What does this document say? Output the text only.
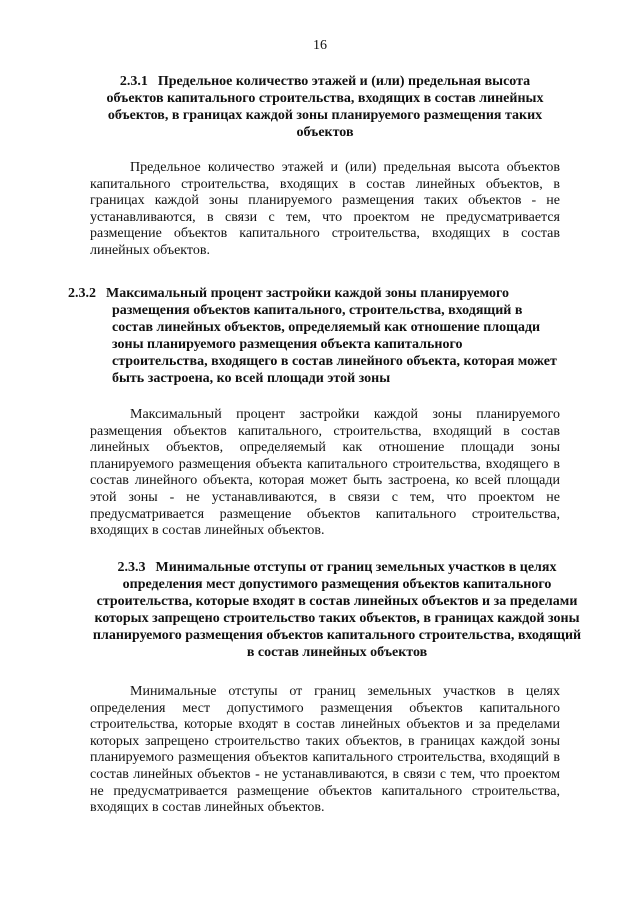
16
2.3.1 Предельное количество этажей и (или) предельная высота объектов капитального строительства, входящих в состав линейных объектов, в границах каждой зоны планируемого размещения таких объектов

Предельное количество этажей и (или) предельная высота объектов капитального строительства, входящих в состав линейных объектов, в границах каждой зоны планируемого размещения таких объектов - не устанавливаются, в связи с тем, что проектом не предусматривается размещение объектов капитального строительства, входящих в состав линейных объектов.

2.3.2 Максимальный процент застройки каждой зоны планируемого размещения объектов капитального, строительства, входящий в состав линейных объектов, определяемый как отношение площади зоны планируемого размещения объекта капитального строительства, входящего в состав линейного объекта, которая может быть застроена, ко всей площади этой зоны

Максимальный процент застройки каждой зоны планируемого размещения объектов капитального, строительства, входящий в состав линейных объектов, определяемый как отношение площади зоны планируемого размещения объекта капитального строительства, входящего в состав линейного объекта, которая может быть застроена, ко всей площади этой зоны - не устанавливаются, в связи с тем, что проектом не предусматривается размещение объектов капитального строительства, входящих в состав линейных объектов.

2.3.3 Минимальные отступы от границ земельных участков в целях определения мест допустимого размещения объектов капитального строительства, которые входят в состав линейных объектов и за пределами которых запрещено строительство таких объектов, в границах каждой зоны планируемого размещения объектов капитального строительства, входящий в состав линейных объектов

Минимальные отступы от границ земельных участков в целях определения мест допустимого размещения объектов капитального строительства, которые входят в состав линейных объектов и за пределами которых запрещено строительство таких объектов, в границах каждой зоны планируемого размещения объектов капитального строительства, входящий в состав линейных объектов - не устанавливаются, в связи с тем, что проектом не предусматривается размещение объектов капитального строительства, входящих в состав линейных объектов.
